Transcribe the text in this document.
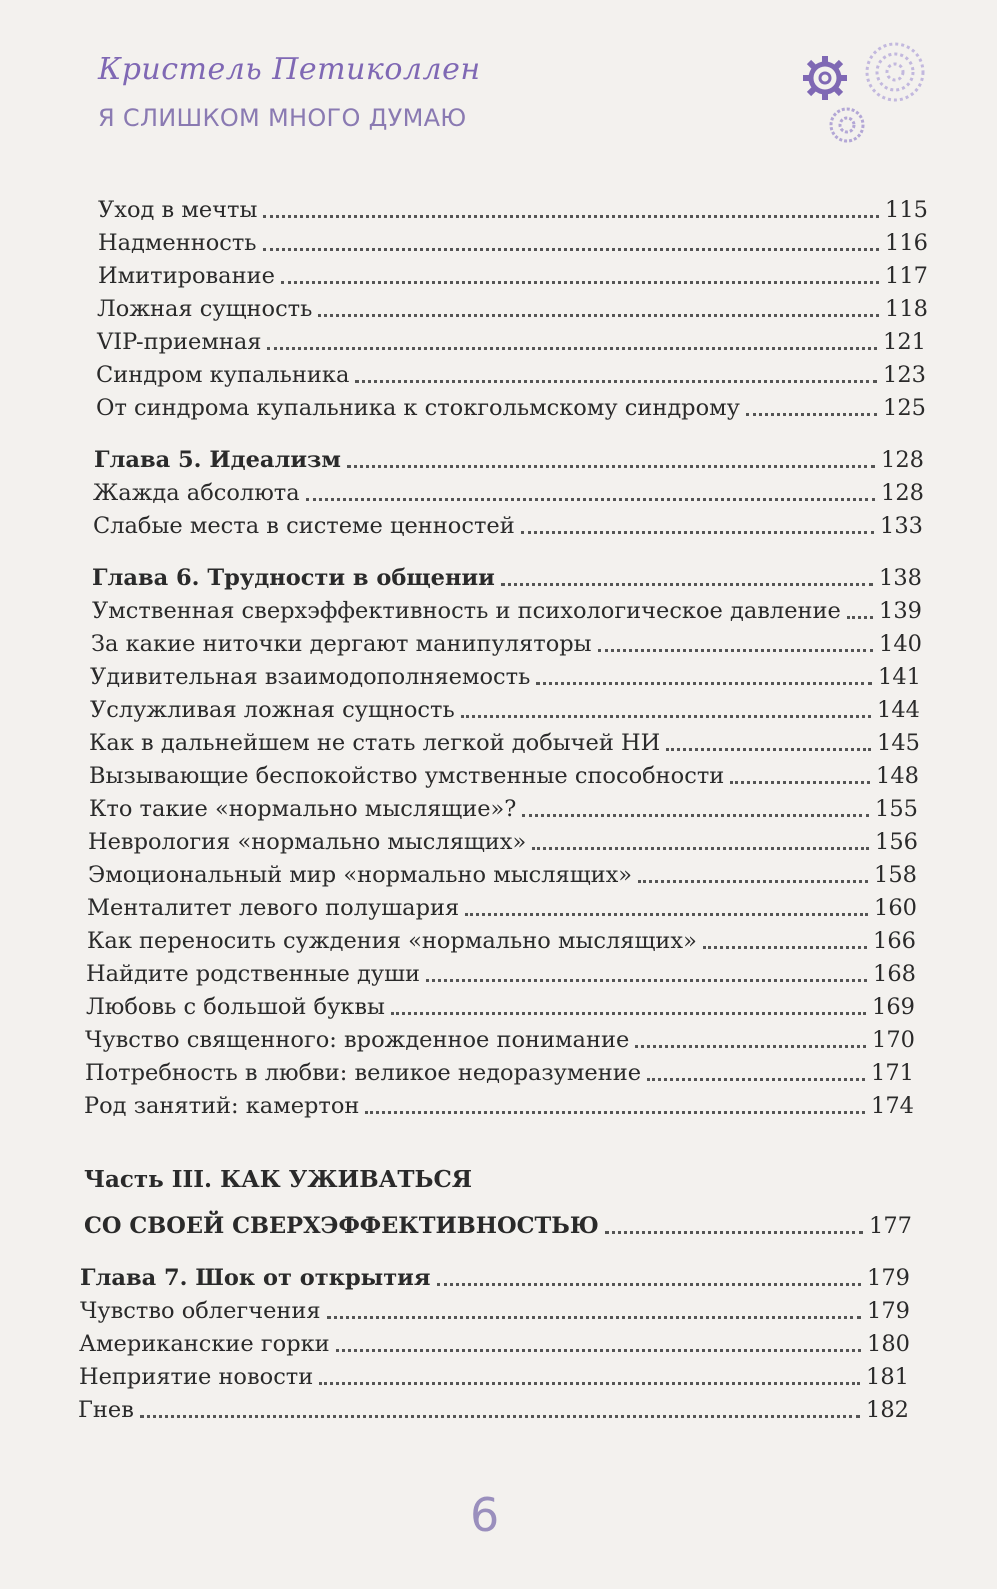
Кристель Петиколлен
Я СЛИШКОМ МНОГО ДУМАЮ
Уход в мечты	115
Надменность	116
Имитирование	117
Ложная сущность	118
VIP-приемная	121
Синдром купальника	123
От синдрома купальника к стокгольмскому синдрому	125
Глава 5. Идеализм	128
Жажда абсолюта	128
Слабые места в системе ценностей	133
Глава 6. Трудности в общении	138
Умственная сверхэффективность и психологическое давление 139
За какие ниточки дергают манипуляторы	140
Удивительная взаимодополняемость	141
Услужливая ложная сущность	144
Как в дальнейшем не стать легкой добычей НИ	145
Вызывающие беспокойство умственные способности	148
Кто такие «нормально мыслящие»?	155
Неврология «нормально мыслящих»	156
Эмоциональный мир «нормально мыслящих»	158
Менталитет левого полушария	160
Как переносить суждения «нормально мыслящих»	166
Найдите родственные души	168
Любовь с большой буквы	169
Чувство священного: врожденное понимание	170
Потребность в любви: великое недоразумение	171
Род занятий: камертон	174
СО СВОЕЙ СВЕРХЭФФЕКТИВНОСТЬЮ	177
Глава 7. Шок от открытия	179
Чувство облегчения	179
Американские горки	180
Неприятие новости	181
Гнев	182
Часть III. КАК УЖИВАТЬСЯ
6
